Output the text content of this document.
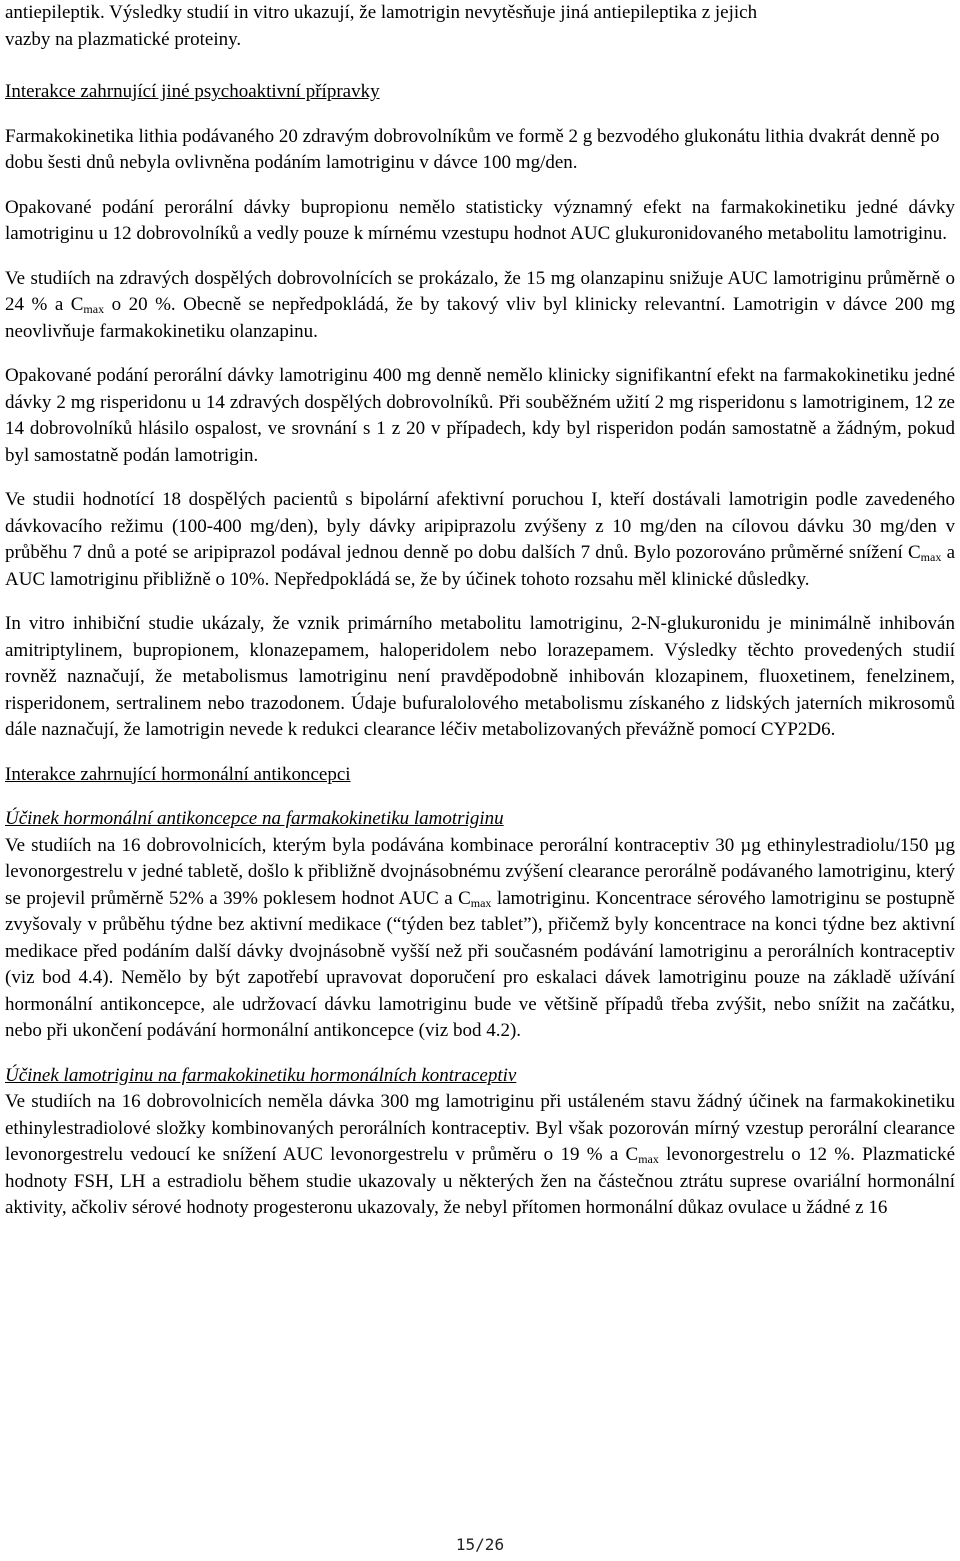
antiepileptik. Výsledky studií in vitro ukazují, že lamotrigin nevytěsňuje jiná antiepileptika z jejich

vazby na plazmatické proteiny.

Interakce zahrnující jiné psychoaktivní přípravky

Farmakokinetika lithia podávaného 20 zdravým dobrovolníkům ve formě 2 g bezvodého glukonátu lithia dvakrát denně po dobu šesti dnů nebyla ovlivněna podáním lamotriginu v dávce 100 mg/den.

Opakované podání perorální dávky bupropionu nemělo statisticky významný efekt na farmakokinetiku jedné dávky lamotriginu u 12 dobrovolníků a vedly pouze k mírnému vzestupu hodnot AUC glukuronidovaného metabolitu lamotriginu.

Ve studiích na zdravých dospělých dobrovolnících se prokázalo, že 15 mg olanzapinu snižuje AUC lamotriginu průměrně o 24 % a $C_{max}$ o 20 %. Obecně se nepředpokládá, že by takový vliv byl klinicky relevantní. Lamotrigin v dávce 200 mg neovlivňuje farmakokinetiku olanzapinu.

Opakované podání perorální dávky lamotriginu 400 mg denně nemělo klinicky signifikantní efekt na farmakokinetiku jedné dávky 2 mg risperidonu u 14 zdravých dospělých dobrovolníků. Při souběžném užití 2 mg risperidonu s lamotriginem, 12 ze 14 dobrovolníků hlásilo ospalost, ve srovnání s 1 z 20 v případech, kdy byl risperidon podán samostatně a žádným, pokud byl samostatně podán lamotrigin.

Ve studii hodnotící 18 dospělých pacientů s bipolární afektivní poruchou I, kteří dostávali lamotrigin podle zavedeného dávkovacího režimu (100-400 mg/den), byly dávky aripiprazolu zvýšeny z 10 mg/den na cílovou dávku 30 mg/den v průběhu 7 dnů a poté se aripiprazol podával jednou denně po dobu dalších 7 dnů. Bylo pozorováno průměrné snížení $C_{max}$ a AUC lamotriginu přibližně o 10%. Nepředpokládá se, že by účinek tohoto rozsahu měl klinické důsledky.

In vitro inhibiční studie ukázaly, že vznik primárního metabolitu lamotriginu, 2-N-glukuronidu je minimálně inhibován amitriptylinem, bupropionem, klonazepamem, haloperidolem nebo lorazepamem. Výsledky těchto provedených studií rovněž naznačují, že metabolismus lamotriginu není pravděpodobně inhibován klozapinem, fluoxetinem, fenelzinem, risperidonem, sertralinem nebo trazodonem. Údaje bufuralolového metabolismu získaného z lidských jaterních mikrosomů dále naznačují, že lamotrigin nevede k redukci clearance léčiv metabolizovaných převážně pomocí CYP2D6.

Interakce zahrnující hormonální antikoncepci
Účinek hormonální antikoncepce na farmakokinetiku lamotriginu

Ve studiích na 16 dobrovolnicích, kterým byla podávána kombinace perorální kontraceptiv 30 µg ethinylestradiolu/150 µg levonorgestrelu v jedné tabletě, došlo k přibližně dvojnásobnému zvýšení clearance perorálně podávaného lamotriginu, který se projevil průměrně 52% a 39% poklesem hodnot AUC a $C_{max}$ lamotriginu. Koncentrace sérového lamotriginu se postupně zvyšovaly v průběhu týdne bez aktivní medikace (“týden bez tablet”), přičemž byly koncentrace na konci týdne bez aktivní medikace před podáním další dávky dvojnásobně vyšší než při současném podávání lamotriginu a perorálních kontraceptiv (viz bod 4.4). Nemělo by být zapotřebí upravovat doporučení pro eskalaci dávek lamotriginu pouze na základě užívání hormonální antikoncepce, ale udržovací dávku lamotriginu bude ve většině případů třeba zvýšit, nebo snížit na začátku, nebo při ukončení podávání hormonální antikoncepce (viz bod 4.2).

Účinek lamotriginu na farmakokinetiku hormonálních kontraceptiv

Ve studiích na 16 dobrovolnicích neměla dávka 300 mg lamotriginu při ustáleném stavu žádný účinek na farmakokinetiku ethinylestradiolové složky kombinovaných perorálních kontraceptiv. Byl však pozorován mírný vzestup perorální clearance levonorgestrelu vedoucí ke snížení AUC levonorgestrelu v průměru o 19 % a $C_{max}$ levonorgestrelu o 12 %. Plazmatické hodnoty FSH, LH a estradiolu během studie ukazovaly u některých žen na částečnou ztrátu suprese ovariální hormonální aktivity, ačkoliv sérové hodnoty progesteronu ukazovaly, že nebyl přítomen hormonální důkaz ovulace u žádné z 16

15/26
